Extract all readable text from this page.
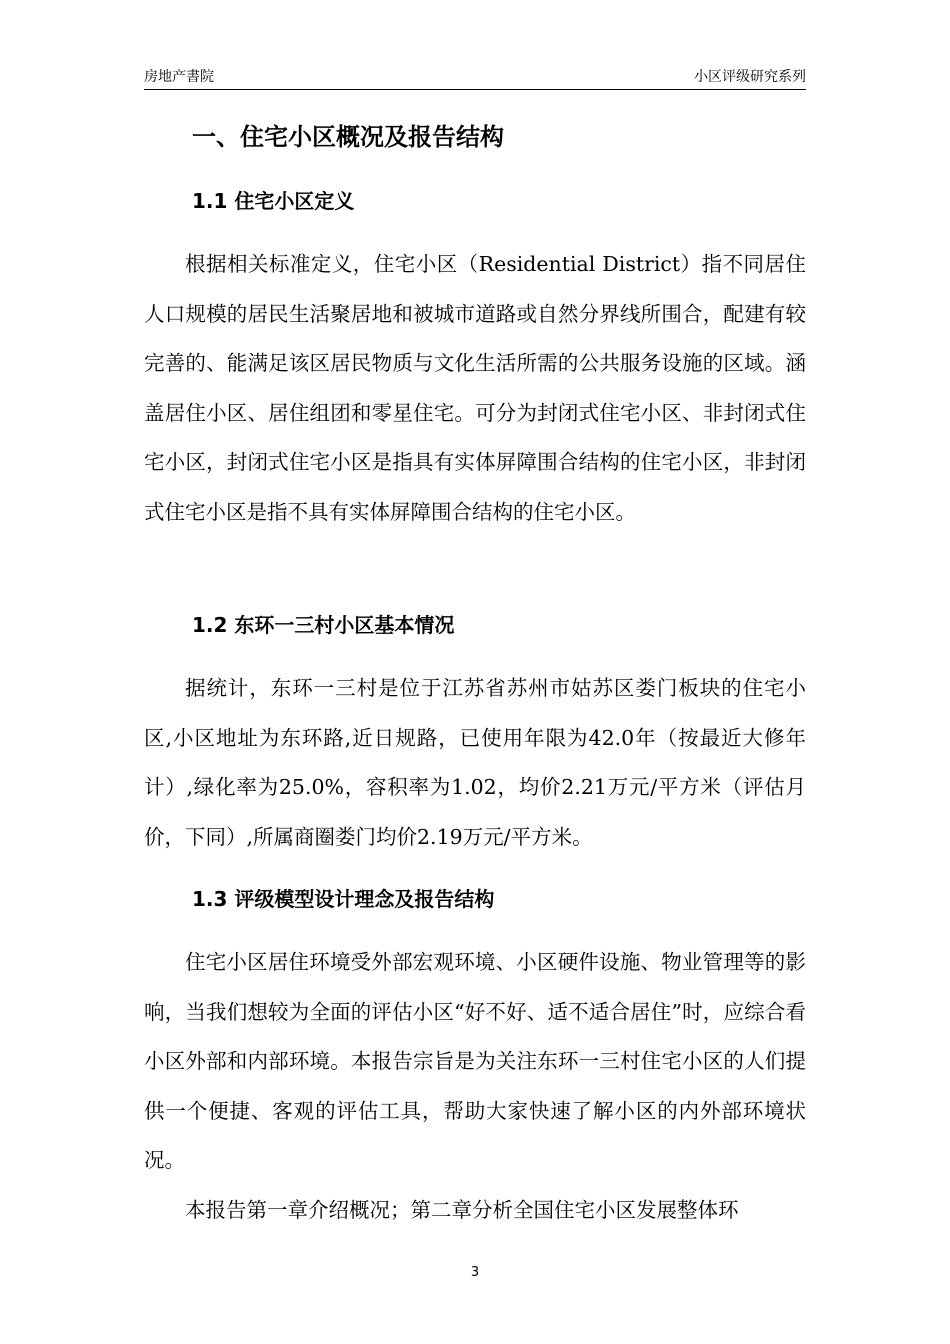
房地产書院	小区评级研究系列
一、住宅小区概况及报告结构
1.1 住宅小区定义

根据相关标准定义，住宅小区（Residential District）指不同居住人口规模的居民生活聚居地和被城市道路或自然分界线所围合，配建有较完善的、能满足该区居民物质与文化生活所需的公共服务设施的区域。涵盖居住小区、居住组团和零星住宅。可分为封闭式住宅小区、非封闭式住宅小区，封闭式住宅小区是指具有实体屏障围合结构的住宅小区，非封闭式住宅小区是指不具有实体屏障围合结构的住宅小区。

1.2 东环一三村小区基本情况

据统计，东环一三村是位于江苏省苏州市姑苏区娄门板块的住宅小区,小区地址为东环路,近日规路，已使用年限为42.0年（按最近大修年计）,绿化率为25.0%，容积率为1.02，均价2.21万元/平方米（评估月价，下同）,所属商圈娄门均价2.19万元/平方米。

1.3 评级模型设计理念及报告结构

住宅小区居住环境受外部宏观环境、小区硬件设施、物业管理等的影响，当我们想较为全面的评估小区“好不好、适不适合居住”时，应综合看小区外部和内部环境。本报告宗旨是为关注东环一三村住宅小区的人们提供一个便捷、客观的评估工具，帮助大家快速了解小区的内外部环境状况。

本报告第一章介绍概况；第二章分析全国住宅小区发展整体环

3
